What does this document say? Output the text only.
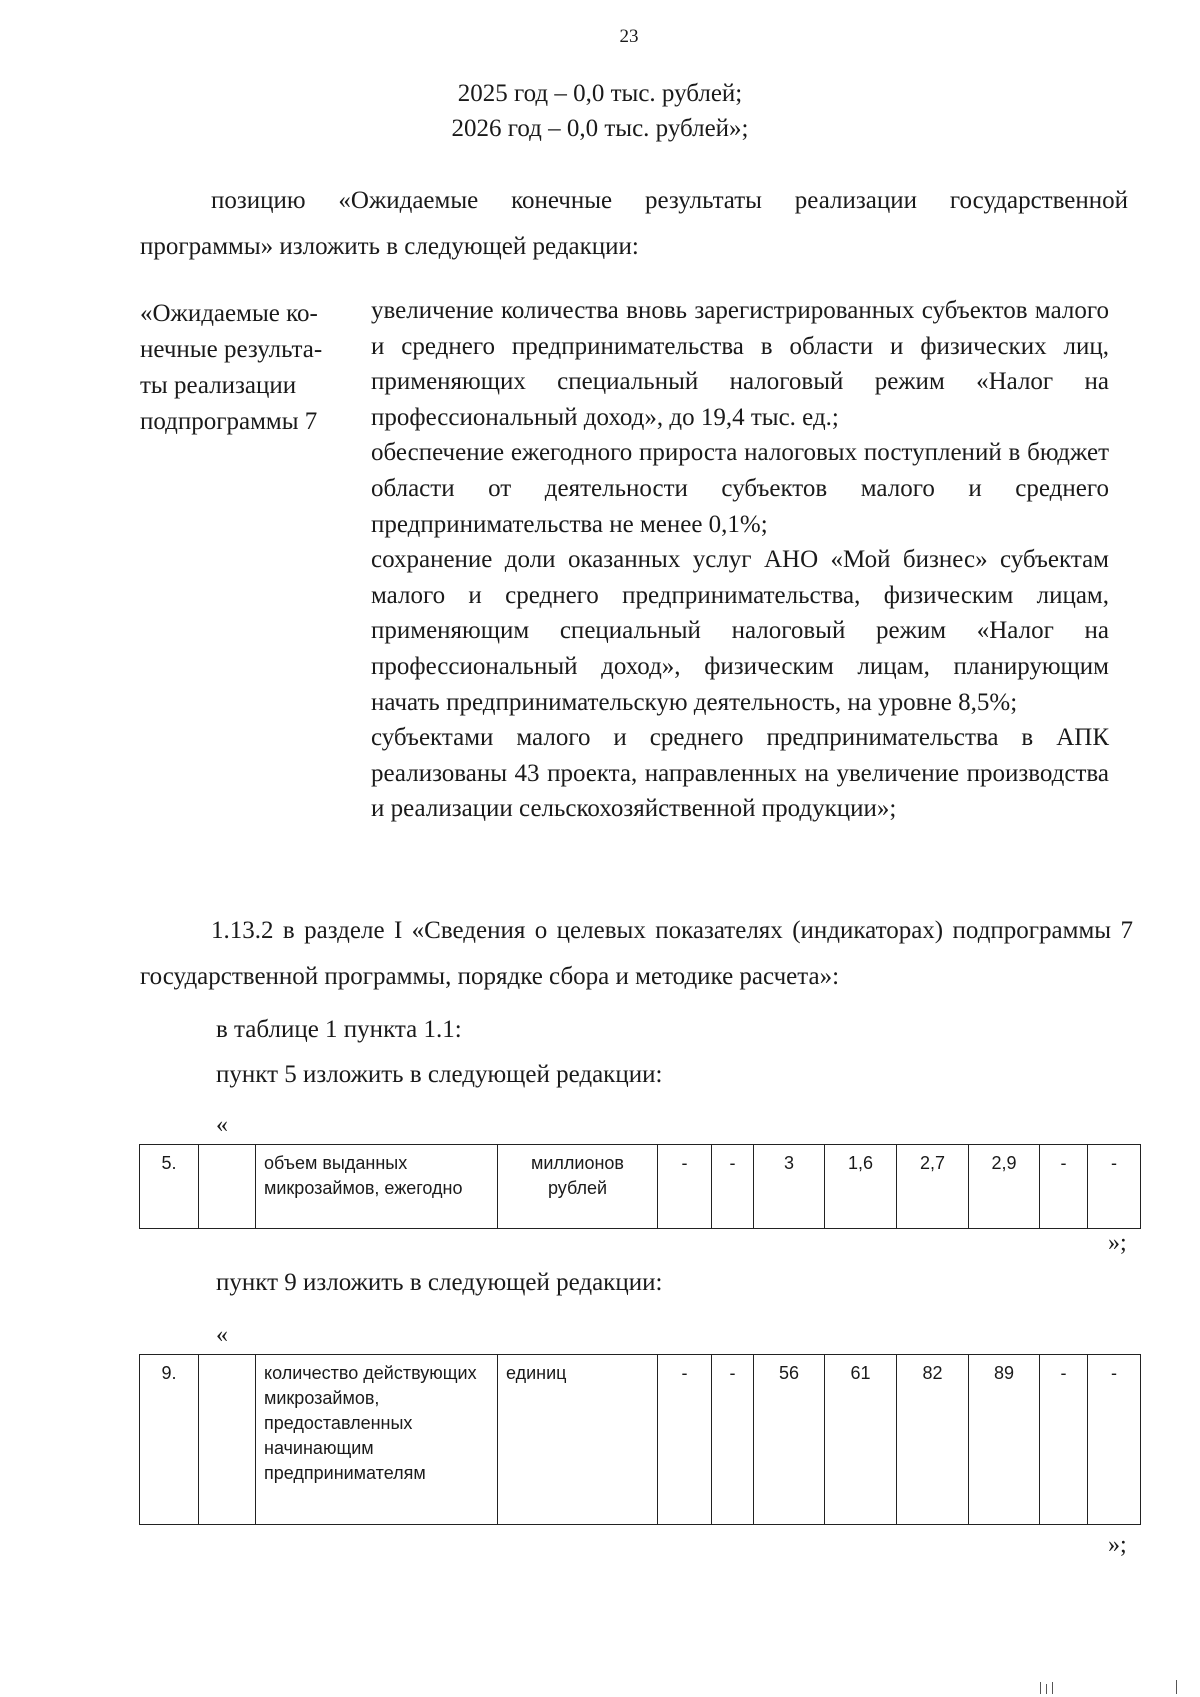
23
2025 год – 0,0 тыс. рублей;
2026 год – 0,0 тыс. рублей»;
позицию «Ожидаемые конечные результаты реализации государственной программы» изложить в следующей редакции:
«Ожидаемые ко-
нечные результа-
ты реализации
подпрограммы 7

увеличение количества вновь зарегистрированных субъектов малого и среднего предпринимательства в области и физических лиц, применяющих специальный налоговый режим «Налог на профессиональный доход», до 19,4 тыс. ед.;

обеспечение ежегодного прироста налоговых поступлений в бюджет области от деятельности субъектов малого и среднего предпринимательства не менее 0,1%;

сохранение доли оказанных услуг АНО «Мой бизнес» субъектам малого и среднего предпринимательства, физическим лицам, применяющим специальный налоговый режим «Налог на профессиональный доход», физическим лицам, планирующим начать предпринимательскую деятельность, на уровне 8,5%;

субъектами малого и среднего предпринимательства в АПК реализованы 43 проекта, направленных на увеличение производства и реализации сельскохозяйственной продукции»;

1.13.2 в разделе I «Сведения о целевых показателях (индикаторах) подпрограммы 7 государственной программы, порядке сбора и методике расчета»:
в таблице 1 пункта 1.1:
пункт 5 изложить в следующей редакции:
«
5.		объем выданных микрозаймов, ежегодно	миллионов рублей	-	-	3	1,6	2,7	2,9	-	-
»;
пункт 9 изложить в следующей редакции:
«
9.		количество действующих микрозаймов, предоставленных начинающим предпринимателям	единиц	-	-	56	61	82	89	-	-
»;
